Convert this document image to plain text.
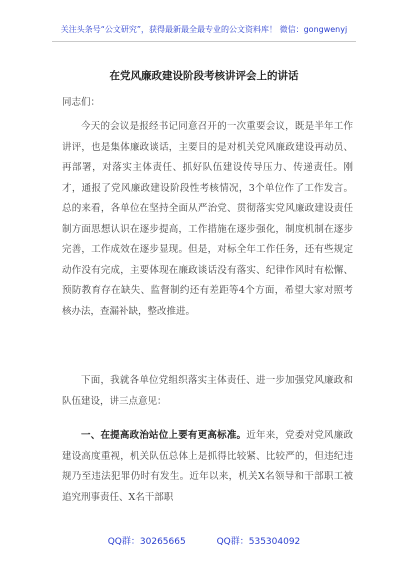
关注头条号“公文研究”，获得最新最全最专业的公文资料库！ 微信：gongwenyj
在党风廉政建设阶段考核讲评会上的讲话
同志们：

今天的会议是报经书记同意召开的一次重要会议，既是半年工作讲评，也是集体廉政谈话，主要目的是对机关党风廉政建设再动员、再部署，对落实主体责任、抓好队伍建设传导压力、传递责任。刚才，通报了党风廉政建设阶段性考核情况，3个单位作了工作发言。总的来看，各单位在坚持全面从严治党、贯彻落实党风廉政建设责任制方面思想认识在逐步提高，工作措施在逐步强化，制度机制在逐步完善，工作成效在逐步显现。但是，对标全年工作任务，还有些规定动作没有完成，主要体现在廉政谈话没有落实、纪律作风时有松懈、预防教育存在缺失、监督制约还有差距等4个方面，希望大家对照考核办法，查漏补缺，整改推进。

下面，我就各单位党组织落实主体责任、进一步加强党风廉政和队伍建设，讲三点意见：

一、在提高政治站位上要有更高标准。近年来，党委对党风廉政建设高度重视，机关队伍总体上是抓得比较紧、比较严的，但违纪违规乃至违法犯罪仍时有发生。近年以来，机关X名领导和干部职工被追究刑事责任、X名干部职

QQ群：30265665	QQ群：535304092
